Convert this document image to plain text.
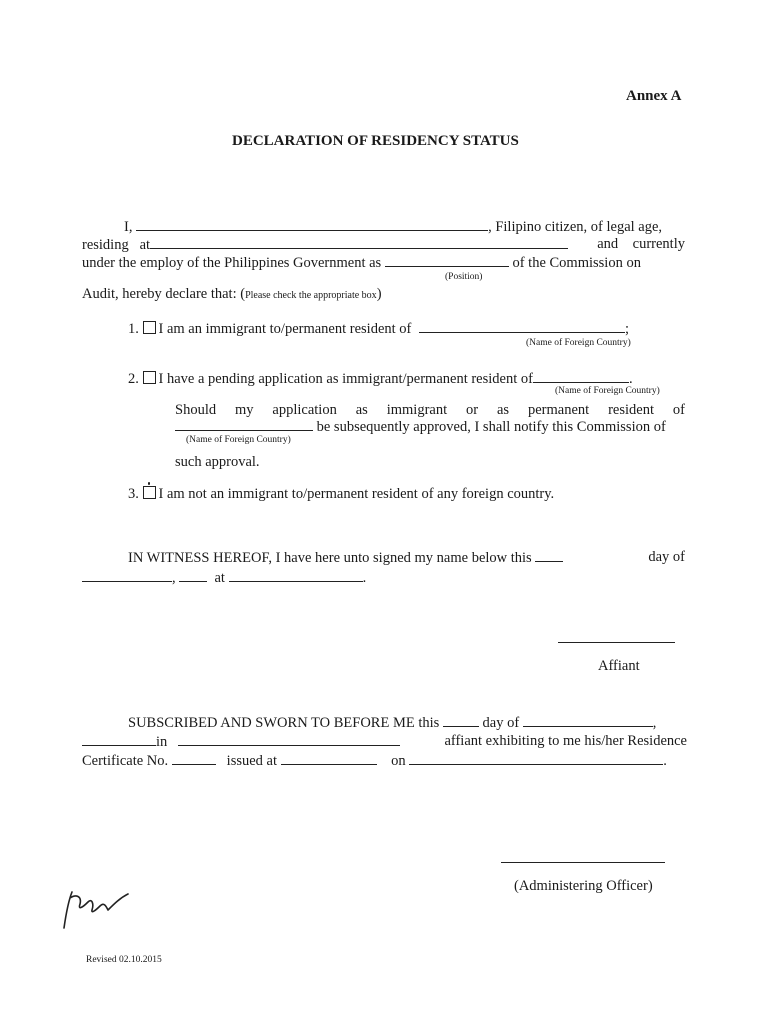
Annex A
DECLARATION OF RESIDENCY STATUS
I,	, Filipino citizen, of legal age,
residing at	and currently
under the employ of the Philippines Government as	of the Commission on
(Position)
Audit, hereby declare that: (Please check the appropriate box)
1. I am an immigrant to/permanent resident of	;
(Name of Foreign Country)
2. I have a pending application as immigrant/permanent resident of	.
(Name of Foreign Country)
Should my application as immigrant or as permanent resident of
be subsequently approved, I shall notify this Commission of
(Name of Foreign Country)
such approval.
3. I am not an immigrant to/permanent resident of any foreign country.
IN WITNESS HEREOF, I have here unto signed my name below this	day of
,	at	.
Affiant
SUBSCRIBED AND SWORN TO BEFORE ME this	day of	,
in	affiant exhibiting to me his/her Residence
Certificate No.	issued at	on	.
(Administering Officer)
Revised 02.10.2015
